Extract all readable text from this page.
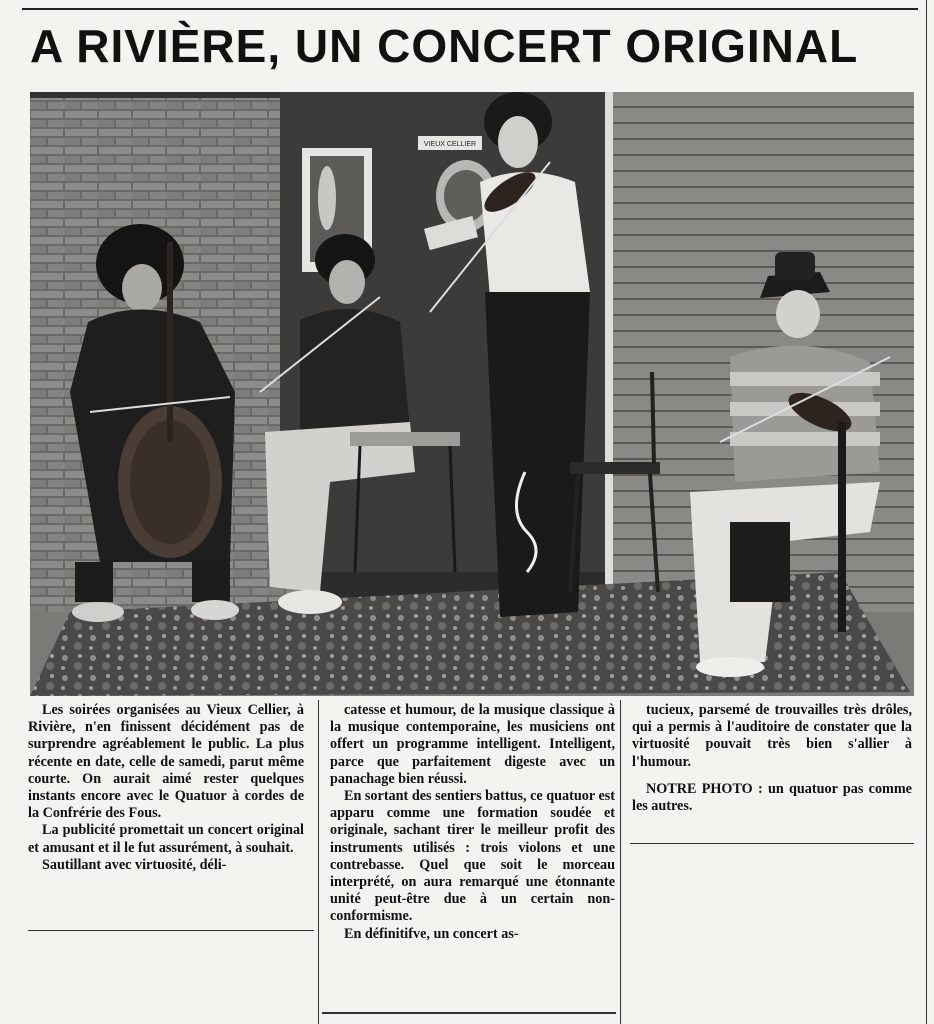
A RIVIÈRE, UN CONCERT ORIGINAL
VIEUX CELLIER

Les soirées organisées au Vieux Cellier, à Rivière, n'en finissent décidément pas de surprendre agréablement le public. La plus récente en date, celle de samedi, parut même courte. On aurait aimé rester quelques instants encore avec le Quatuor à cordes de la Confrérie des Fous.

La publicité promettait un concert original et amusant et il le fut assurément, à souhait.

Sautillant avec virtuosité, déli-

catesse et humour, de la musique classique à la musique contemporaine, les musiciens ont offert un programme intelligent. Intelligent, parce que parfaitement digeste avec un panachage bien réussi.

En sortant des sentiers battus, ce quatuor est apparu comme une formation soudée et originale, sachant tirer le meilleur profit des instruments utilisés : trois violons et une contrebasse. Quel que soit le morceau interprété, on aura remarqué une étonnante unité peut-être due à un certain non-conformisme.

En définitifve, un concert as-

tucieux, parsemé de trouvailles très drôles, qui a permis à l'auditoire de constater que la virtuosité pouvait très bien s'allier à l'humour.

NOTRE PHOTO : un quatuor pas comme les autres.
